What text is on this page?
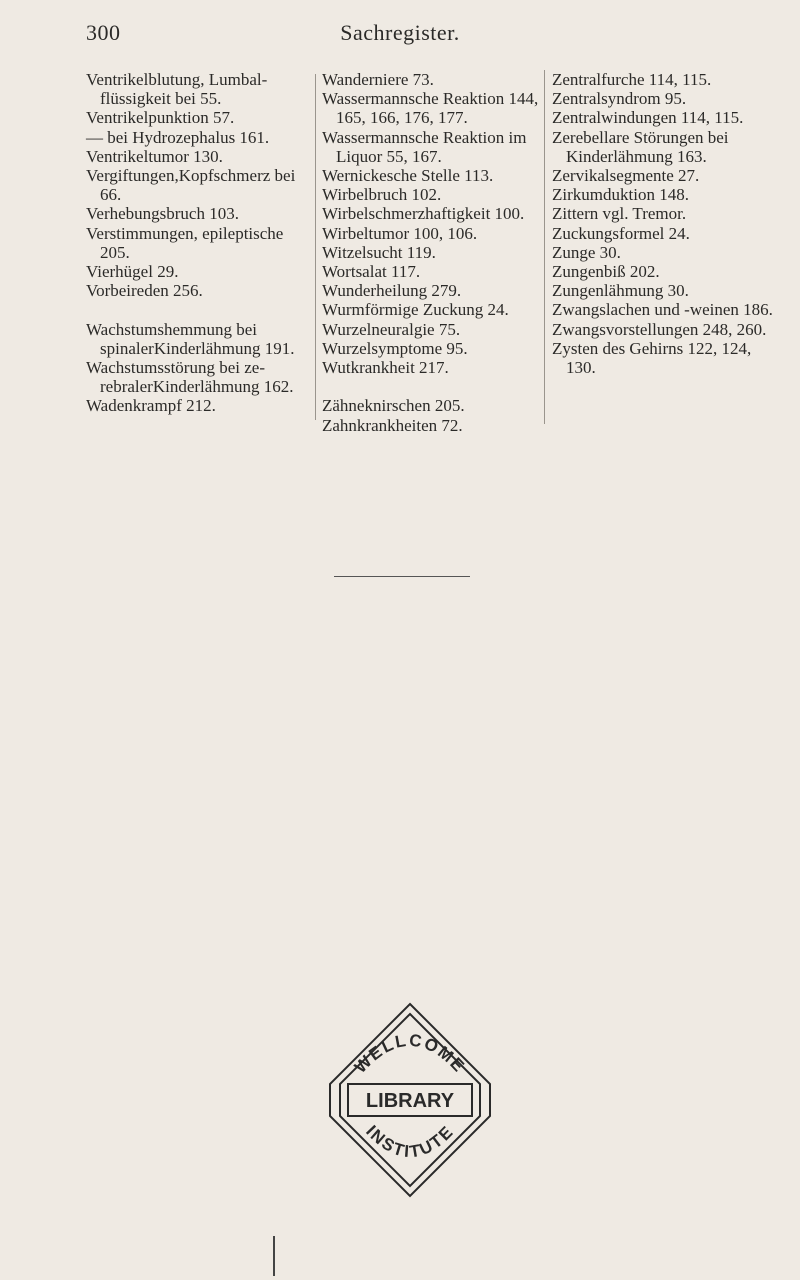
300	Sachregister.

Ventrikelblutung, Lumbalflüssigkeit bei 55.

Ventrikelpunktion 57.

— bei Hydrozephalus 161.

Ventrikeltumor 130.

Vergiftungen,Kopfschmerz bei 66.

Verhebungsbruch 103.

Verstimmungen, epileptische 205.

Vierhügel 29.

Vorbeireden 256.

Wachstumshemmung bei spinalerKinderlähmung 191.

Wachstumsstörung bei zerebralerKinderlähmung 162.

Wadenkrampf 212.

Wanderniere 73.

Wassermannsche Reaktion 144, 165, 166, 176, 177.

Wassermannsche Reaktion im Liquor 55, 167.

Wernickesche Stelle 113.

Wirbelbruch 102.

Wirbelschmerzhaftigkeit 100.

Wirbeltumor 100, 106.

Witzelsucht 119.

Wortsalat 117.

Wunderheilung 279.

Wurmförmige Zuckung 24.

Wurzelneuralgie 75.

Wurzelsymptome 95.

Wutkrankheit 217.

Zähneknirschen 205.

Zahnkrankheiten 72.

Zentralfurche 114, 115.

Zentralsyndrom 95.

Zentralwindungen 114, 115.

Zerebellare Störungen bei Kinderlähmung 163.

Zervikalsegmente 27.

Zirkumduktion 148.

Zittern vgl. Tremor.

Zuckungsformel 24.

Zunge 30.

Zungenbiß 202.

Zungenlähmung 30.

Zwangslachen und -weinen 186.

Zwangsvorstellungen 248, 260.

Zysten des Gehirns 122, 124, 130.

WELLCOME
LIBRARY
INSTITUTE
